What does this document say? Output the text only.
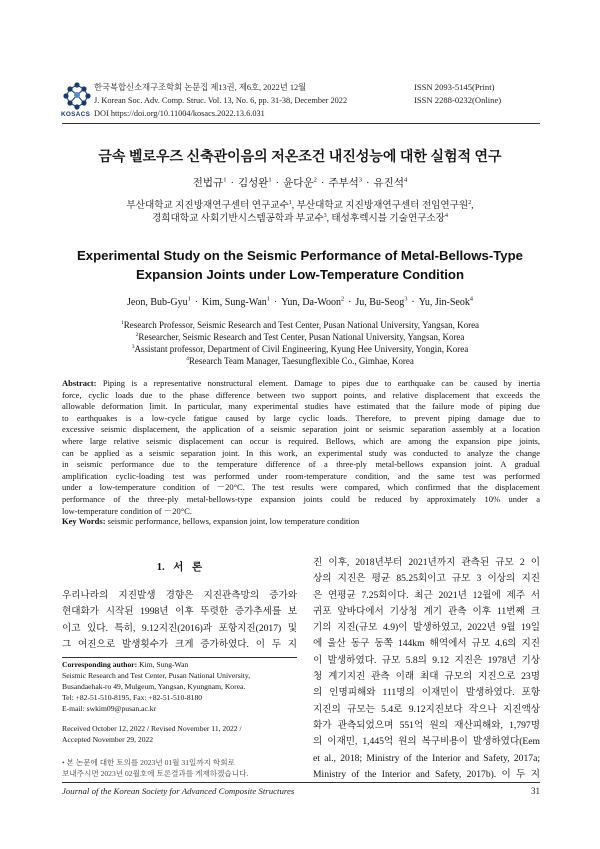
KOSACS
한국복합신소재구조학회 논문집 제13권, 제6호, 2022년 12월
J. Korean Soc. Adv. Comp. Struc. Vol. 13, No. 6, pp. 31-38, December 2022
DOI https://doi.org/10.11004/kosacs.2022.13.6.031
ISSN 2093-5145(Print)
ISSN 2288-0232(Online)
금속 벨로우즈 신축관이음의 저온조건 내진성능에 대한 실험적 연구
전법규$^1$ · 김성완$^1$ · 윤다운$^2$ · 주부석$^3$ · 유진석$^4$
부산대학교 지진방재연구센터 연구교수$^1$, 부산대학교 지진방재연구센터 전임연구원$^2$,
경희대학교 사회기반시스템공학과 부교수$^3$, 태성후렉시블 기술연구소장$^4$
Experimental Study on the Seismic Performance of Metal-Bellows-Type
Expansion Joints under Low-Temperature Condition
Jeon, Bub-Gyu$^1$ · Kim, Sung-Wan$^1$ · Yun, Da-Woon$^2$ · Ju, Bu-Seog$^3$ · Yu, Jin-Seok$^4$
$^1$Research Professor, Seismic Research and Test Center, Pusan National University, Yangsan, Korea
$^2$Researcher, Seismic Research and Test Center, Pusan National University, Yangsan, Korea
$^3$Assistant professor, Department of Civil Engineering, Kyung Hee University, Yongin, Korea
$^4$Research Team Manager, Taesungflexible Co., Gimhae, Korea
Abstract: Piping is a representative nonstructural element. Damage to pipes due to earthquake can be caused by inertia
force, cyclic loads due to the phase difference between two support points, and relative displacement that exceeds the
allowable deformation limit. In particular, many experimental studies have estimated that the failure mode of piping due
to earthquakes is a low-cycle fatigue caused by large cyclic loads. Therefore, to prevent piping damage due to
excessive seismic displacement, the application of a seismic separation joint or seismic separation assembly at a location
where large relative seismic displacement can occur is required. Bellows, which are among the expansion pipe joints,
can be applied as a seismic separation joint. In this work, an experimental study was conducted to analyze the change
in seismic performance due to the temperature difference of a three-ply metal-bellows expansion joint. A gradual
amplification cyclic-loading test was performed under room-temperature condition, and the same test was performed
under a low-temperature condition of －20°C. The test results were compared, which confirmed that the displacement
performance of the three-ply metal-bellows-type expansion joints could be reduced by approximately 10% under a
low-temperature condition of －20°C.
Key Words: seismic performance, bellows, expansion joint, low temperature condition
1. 서 론
우리나라의 지진발생 경향은 지진관측망의 증가와
현대화가 시작된 1998년 이후 뚜렷한 증가추세를 보
이고 있다. 특히, 9.12지진(2016)과 포항지진(2017) 및
그 여진으로 발생횟수가 크게 증가하였다. 이 두 지
Corresponding author: Kim, Sung-Wan
Seismic Research and Test Center, Pusan National University,
Busandaehak-ro 49, Mulgeum, Yangsan, Kyungnam, Korea.
Tel: +82-51-510-8195, Fax: +82-51-510-8180
E-mail: swkim09@pusan.ac.kr
Received October 12, 2022 / Revised November 11, 2022 /
Accepted November 29, 2022
• 본 논문에 대한 토의를 2023년 01월 31일까지 학회로
보내주시면 2023년 02월호에 토론결과를 게재하겠습니다.
진 이후, 2018년부터 2021년까지 관측된 규모 2 이
상의 지진은 평균 85.25회이고 규모 3 이상의 지진
은 연평균 7.25회이다. 최근 2021년 12월에 제주 서
귀포 앞바다에서 기상청 계기 관측 이후 11번째 크
기의 지진(규모 4.9)이 발생하였고, 2022년 9월 19일
에 울산 동구 동쪽 144km 해역에서 규모 4.6의 지진
이 발생하였다. 규모 5.8의 9.12 지진은 1978년 기상
청 계기지진 관측 이래 최대 규모의 지진으로 23명
의 인명피해와 111명의 이재민이 발생하였다. 포항
지진의 규모는 5.4로 9.12지진보다 작으나 지진액상
화가 관측되었으며 551억 원의 재산피해와, 1,797명
의 이재민, 1,445억 원의 복구비용이 발생하였다(Eem
et al., 2018; Ministry of the Interior and Safety, 2017a;
Ministry of the Interior and Safety, 2017b). 이 두 지
Journal of the Korean Society for Advanced Composite Structures	31
